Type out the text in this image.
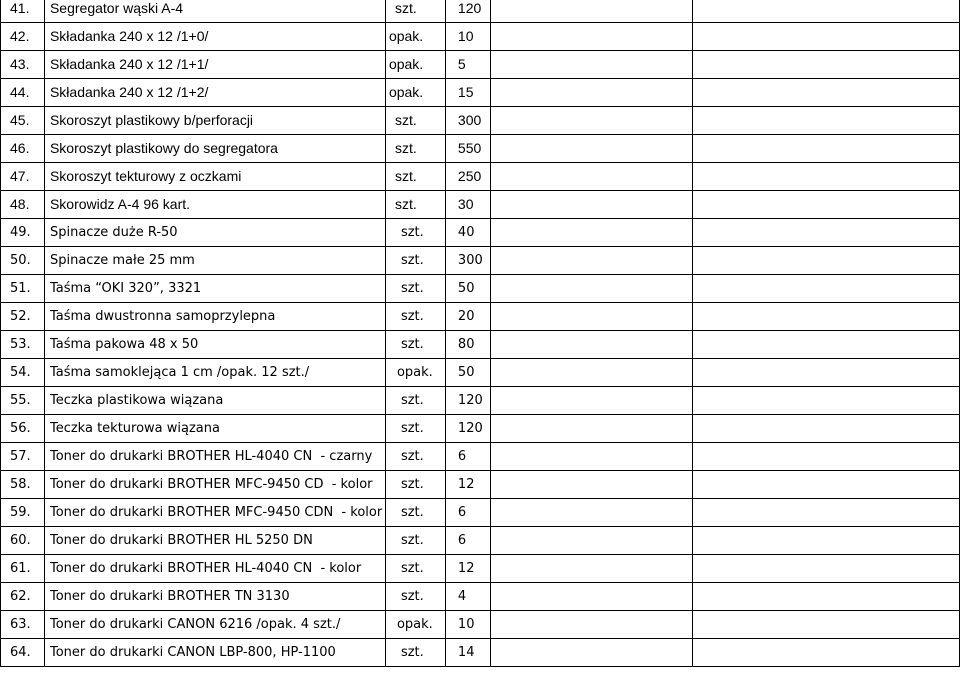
41.	Segregator wąski A-4	szt.	120		
42.	Składanka 240 x 12 /1+0/	opak.	10		
43.	Składanka 240 x 12 /1+1/	opak.	5		
44.	Składanka 240 x 12 /1+2/	opak.	15		
45.	Skoroszyt plastikowy b/perforacji	szt.	300		
46.	Skoroszyt plastikowy do segregatora	szt.	550		
47.	Skoroszyt tekturowy z oczkami	szt.	250		
48.	Skorowidz A-4 96 kart.	szt.	30		
49.	Spinacze duże R-50	szt.	40		
50.	Spinacze małe 25 mm	szt.	300		
51.	Taśma “OKI 320”, 3321	szt.	50		
52.	Taśma dwustronna samoprzylepna	szt.	20		
53.	Taśma pakowa 48 x 50	szt.	80		
54.	Taśma samoklejąca 1 cm /opak. 12 szt./	opak.	50		
55.	Teczka plastikowa wiązana	szt.	120		
56.	Teczka tekturowa wiązana	szt.	120		
57.	Toner do drukarki BROTHER HL-4040 CN  - czarny	szt.	6		
58.	Toner do drukarki BROTHER MFC-9450 CD  - kolor	szt.	12		
59.	Toner do drukarki BROTHER MFC-9450 CDN  - kolor	szt.	6		
60.	Toner do drukarki BROTHER HL 5250 DN	szt.	6		
61.	Toner do drukarki BROTHER HL-4040 CN  - kolor	szt.	12		
62.	Toner do drukarki BROTHER TN 3130	szt.	4		
63.	Toner do drukarki CANON 6216 /opak. 4 szt./	opak.	10		
64.	Toner do drukarki CANON LBP-800, HP-1100	szt.	14		
